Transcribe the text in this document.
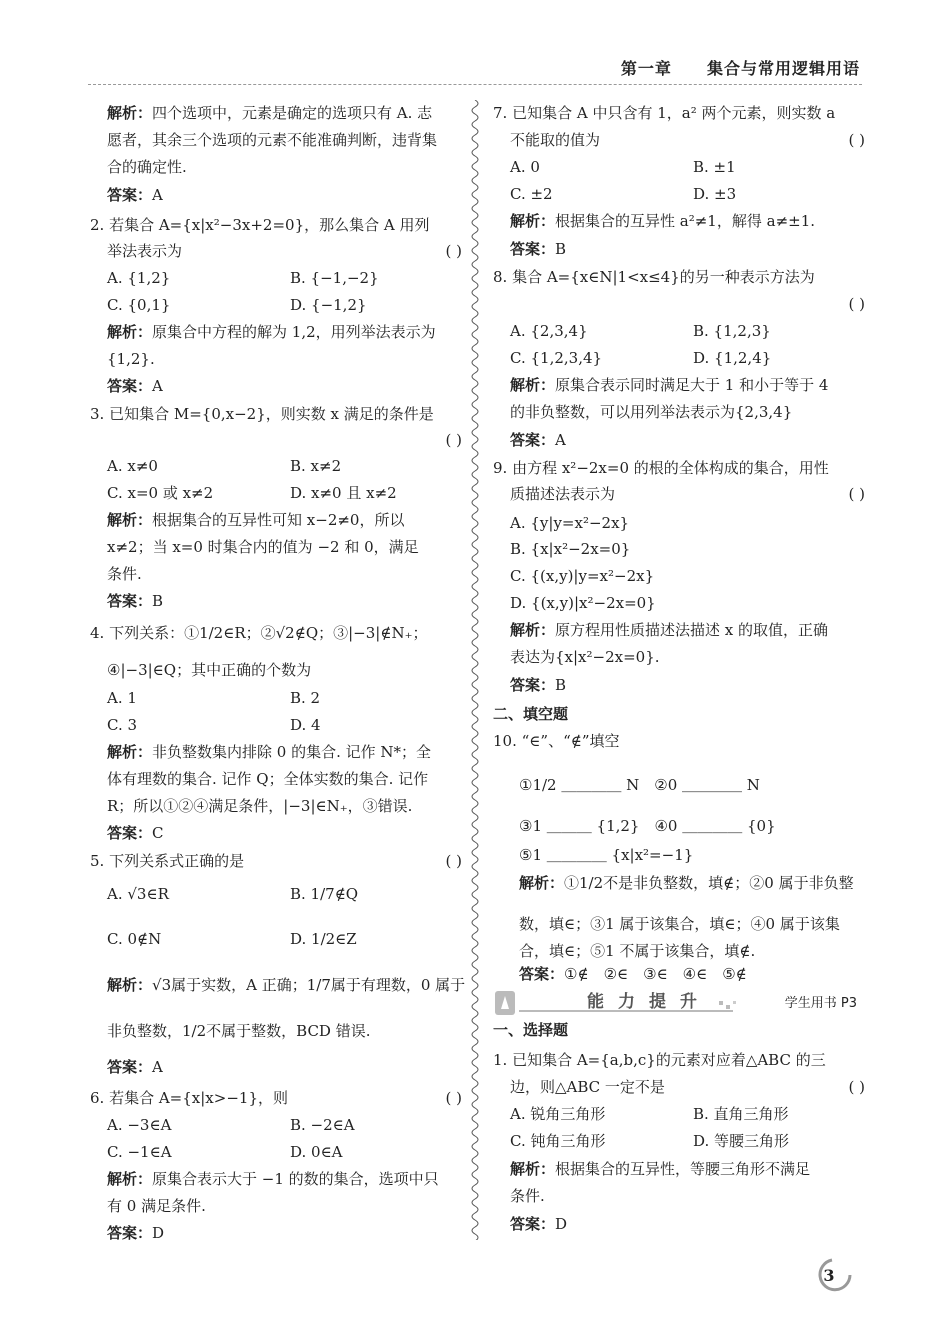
第一章 集合与常用逻辑用语
解析：四个选项中，元素是确定的选项只有 A. 志
愿者，其余三个选项的元素不能准确判断，违背集
合的确定性.
答案：A
2. 若集合 A={x|x²−3x+2=0}，那么集合 A 用列
举法表示为	( )
A. {1,2}	B. {−1,−2}
C. {0,1}	D. {−1,2}
解析：原集合中方程的解为 1,2，用列举法表示为
{1,2}.
答案：A
3. 已知集合 M={0,x−2}，则实数 x 满足的条件是
( )
A. x≠0	B. x≠2
C. x=0 或 x≠2	D. x≠0 且 x≠2
解析：根据集合的互异性可知 x−2≠0，所以
x≠2；当 x=0 时集合内的值为 −2 和 0，满足
条件.
答案：B
4. 下列关系：①1/2∈R；②√2∉Q；③|−3|∉N₊；
④|−3|∈Q；其中正确的个数为
A. 1	B. 2
C. 3	D. 4
解析：非负整数集内排除 0 的集合. 记作 N*；全
体有理数的集合. 记作 Q；全体实数的集合. 记作
R；所以①②④满足条件，|−3|∈N₊，③错误.
答案：C
5. 下列关系式正确的是	( )
A. √3∈R	B. 1/7∉Q
C. 0∉N	D. 1/2∈Z
解析：√3属于实数，A 正确；1/7属于有理数，0 属于
非负整数，1/2不属于整数，BCD 错误.
答案：A
6. 若集合 A={x|x>−1}，则	( )
A. −3∈A	B. −2∈A
C. −1∈A	D. 0∈A
解析：原集合表示大于 −1 的数的集合，选项中只
有 0 满足条件.
答案：D
7. 已知集合 A 中只含有 1，a² 两个元素，则实数 a
不能取的值为	( )
A. 0	B. ±1
C. ±2	D. ±3
解析：根据集合的互异性 a²≠1，解得 a≠±1.
答案：B
8. 集合 A={x∈N|1<x≤4}的另一种表示方法为
( )
A. {2,3,4}	B. {1,2,3}
C. {1,2,3,4}	D. {1,2,4}
解析：原集合表示同时满足大于 1 和小于等于 4
的非负整数，可以用列举法表示为{2,3,4}
答案：A
9. 由方程 x²−2x=0 的根的全体构成的集合，用性
质描述法表示为	( )
A. {y|y=x²−2x}
B. {x|x²−2x=0}
C. {(x,y)|y=x²−2x}
D. {(x,y)|x²−2x=0}
解析：原方程用性质描述法描述 x 的取值，正确
表达为{x|x²−2x=0}.
答案：B
二、填空题
10. “∈”、“∉”填空
①1/2 ＿＿＿＿ N　②0 ＿＿＿＿ N
③1 ＿＿＿ {1,2}　④0 ＿＿＿＿ {0}
⑤1 ＿＿＿＿ {x|x²=−1}
解析：①1/2不是非负整数，填∉；②0 属于非负整
数，填∈；③1 属于该集合，填∈；④0 属于该集
合，填∈；⑤1 不属于该集合，填∉.
答案：①∉　②∈　③∈　④∈　⑤∉
能力提升	学生用书 P3
一、选择题
1. 已知集合 A={a,b,c}的元素对应着△ABC 的三
边，则△ABC 一定不是	( )
A. 锐角三角形	B. 直角三角形
C. 钝角三角形	D. 等腰三角形
解析：根据集合的互异性，等腰三角形不满足
条件.
答案：D
3
